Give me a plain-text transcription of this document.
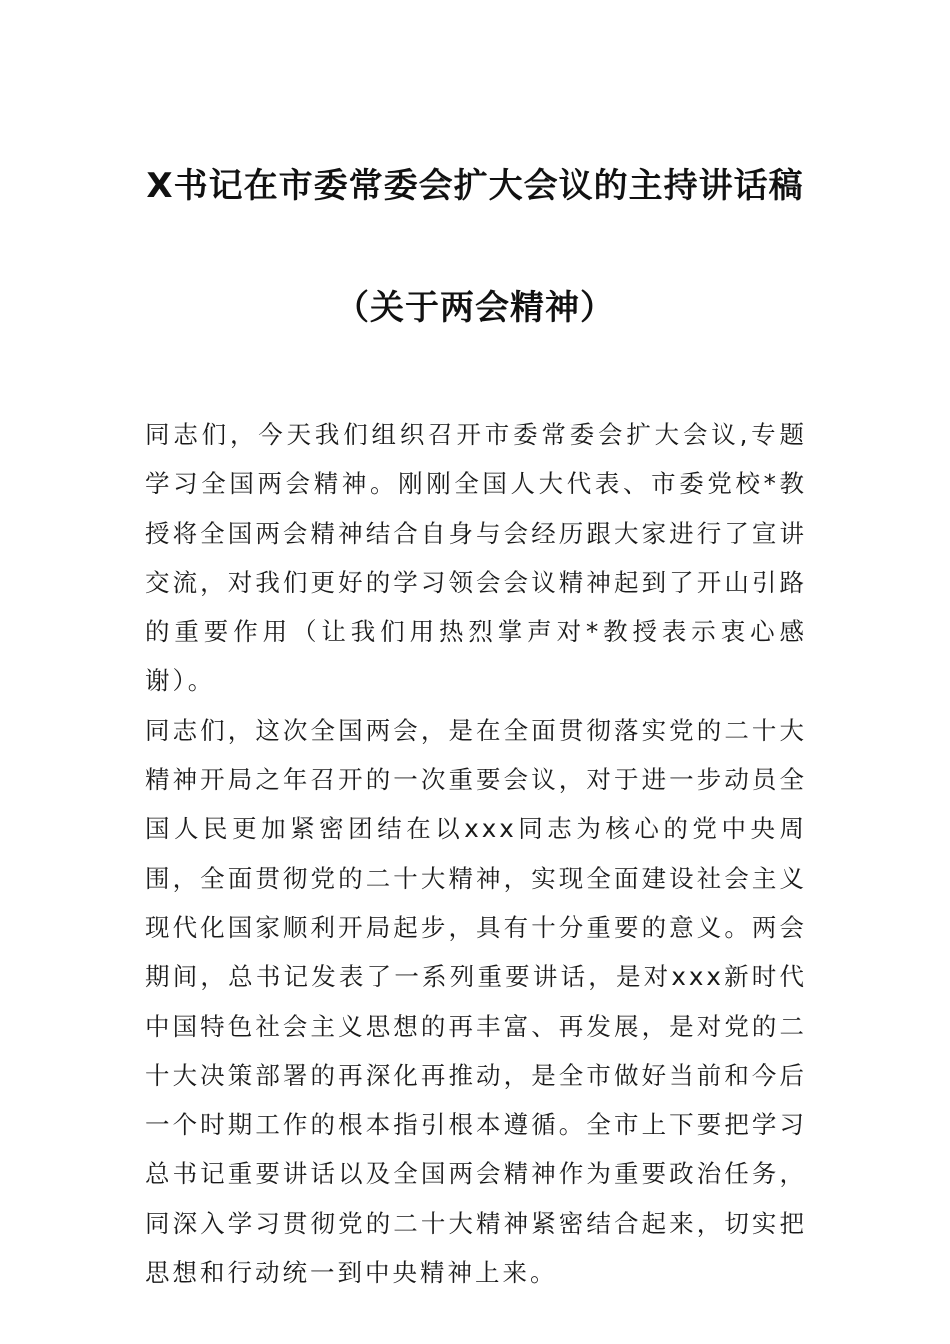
X书记在市委常委会扩大会议的主持讲话稿
（关于两会精神）

同志们，今天我们组织召开市委常委会扩大会议,专题学习全国两会精神。刚刚全国人大代表、市委党校*教授将全国两会精神结合自身与会经历跟大家进行了宣讲交流，对我们更好的学习领会会议精神起到了开山引路的重要作用（让我们用热烈掌声对*教授表示衷心感谢）。

同志们，这次全国两会，是在全面贯彻落实党的二十大精神开局之年召开的一次重要会议，对于进一步动员全国人民更加紧密团结在以xxx同志为核心的党中央周围，全面贯彻党的二十大精神，实现全面建设社会主义现代化国家顺利开局起步，具有十分重要的意义。两会期间，总书记发表了一系列重要讲话，是对xxx新时代中国特色社会主义思想的再丰富、再发展，是对党的二十大决策部署的再深化再推动，是全市做好当前和今后一个时期工作的根本指引根本遵循。全市上下要把学习总书记重要讲话以及全国两会精神作为重要政治任务，同深入学习贯彻党的二十大精神紧密结合起来，切实把思想和行动统一到中央精神上来。
